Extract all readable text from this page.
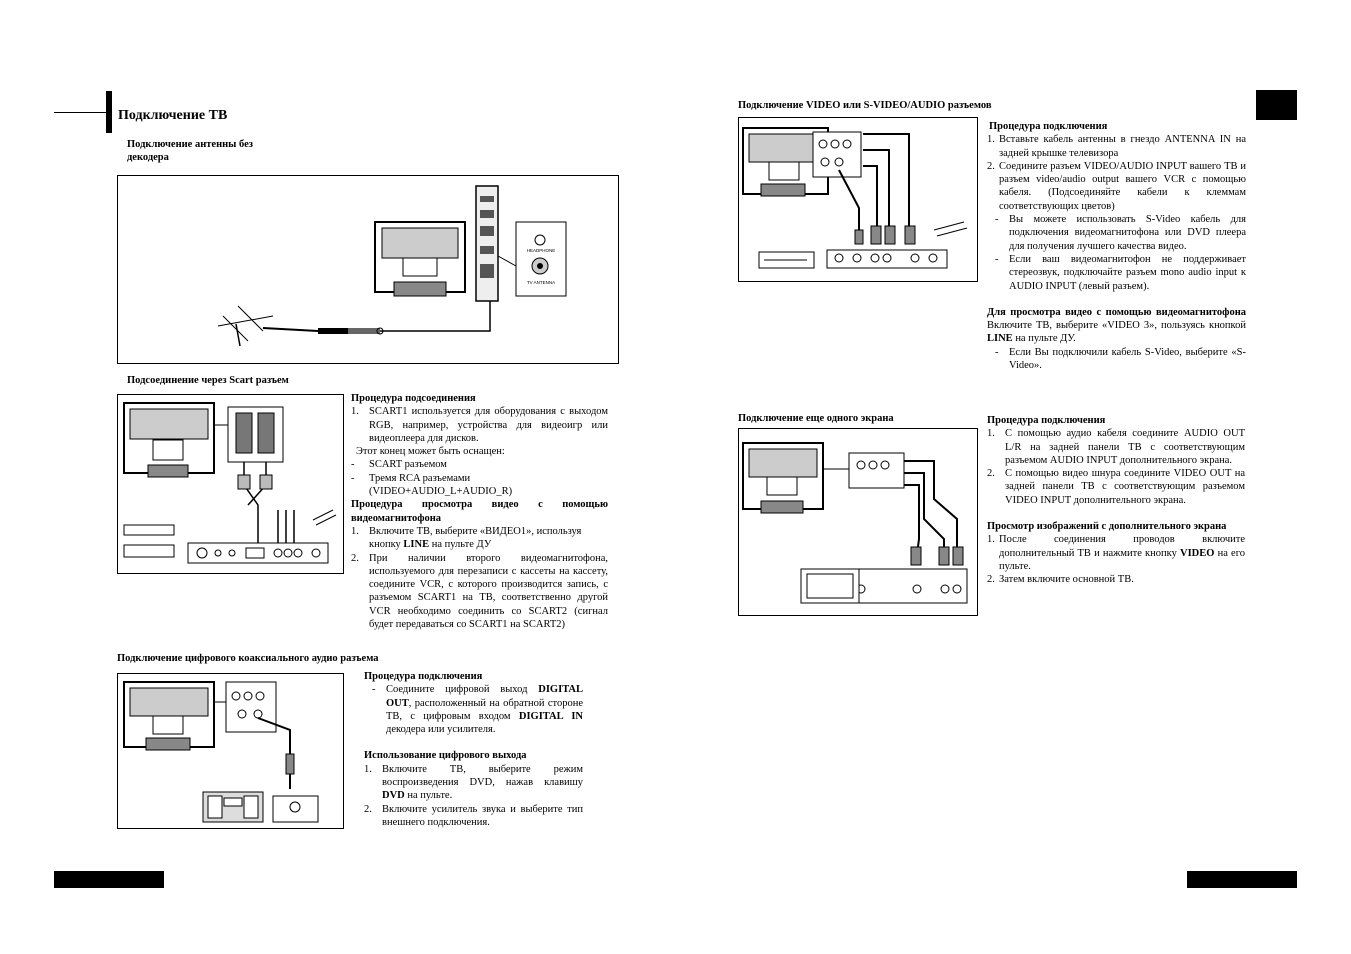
Подключение ТВ
Подключение антенны без
декодера
HEADPHONE
TV ANTENNA
Подсоединение через Scart разъем
Процедура подсоединения
1. SCART1 используется для оборудования с выходом RGB, например, устройства для видеоигр или видеоплеера для дисков.
Этот конец может быть оснащен:
- SCART разъемом
- Тремя RCA разъемами (VIDEO+AUDIO_L+AUDIO_R)
Процедура просмотра видео с помощью видеомагнитофона
1. Включите ТВ, выберите «ВИДЕО1», используя кнопку LINE на пульте ДУ
2. При наличии второго видеомагнитофона, используемого для перезаписи с кассеты на кассету, соедините VCR, с которого производится запись, с разъемом SCART1 на ТВ, соответственно другой VCR необходимо соединить со SCART2 (сигнал будет передаваться со SCART1 на SCART2)
Подключение цифрового коаксиального аудио разъема
Процедура подключения
- Соедините цифровой выход DIGITAL OUT, расположенный на обратной стороне ТВ, с цифровым входом DIGITAL IN декодера или усилителя.
Использование цифрового выхода
1. Включите ТВ, выберите режим воспроизведения DVD, нажав клавишу DVD на пульте.
2. Включите усилитель звука и выберите тип внешнего подключения.
Подключение VIDEO или S-VIDEO/AUDIO разъемов
Процедура подключения
1. Вставьте кабель антенны в гнездо ANTENNA IN на задней крышке телевизора
2. Соедините разъем VIDEO/AUDIO INPUT вашего ТВ и разъем video/audio output вашего VCR с помощью кабеля. (Подсоединяйте кабели к клеммам соответствующих цветов)
- Вы можете использовать S-Video кабель для подключения видеомагнитофона или DVD плеера для получения лучшего качества видео.
- Если ваш видеомагнитофон не поддерживает стереозвук, подключайте разъем mono audio input к AUDIO INPUT (левый разъем).
Для просмотра видео с помощью видеомагнитофона
Включите ТВ, выберите «VIDEO 3», пользуясь кнопкой LINE на пульте ДУ.
- Если Вы подключили кабель S-Video, выберите «S-Video».
Подключение еще одного экрана	Процедура подключения
1. С помощью аудио кабеля соедините AUDIO OUT L/R на задней панели ТВ с соответствующим разъемом AUDIO INPUT дополнительного экрана.
2. С помощью видео шнура соедините VIDEO OUT на задней панели ТВ с соответствующим разъемом VIDEO INPUT дополнительного экрана.
Просмотр изображений с дополнительного экрана
1. После соединения проводов включите дополнительный ТВ и нажмите кнопку VIDEO на его пульте.
2. Затем включите основной ТВ.
